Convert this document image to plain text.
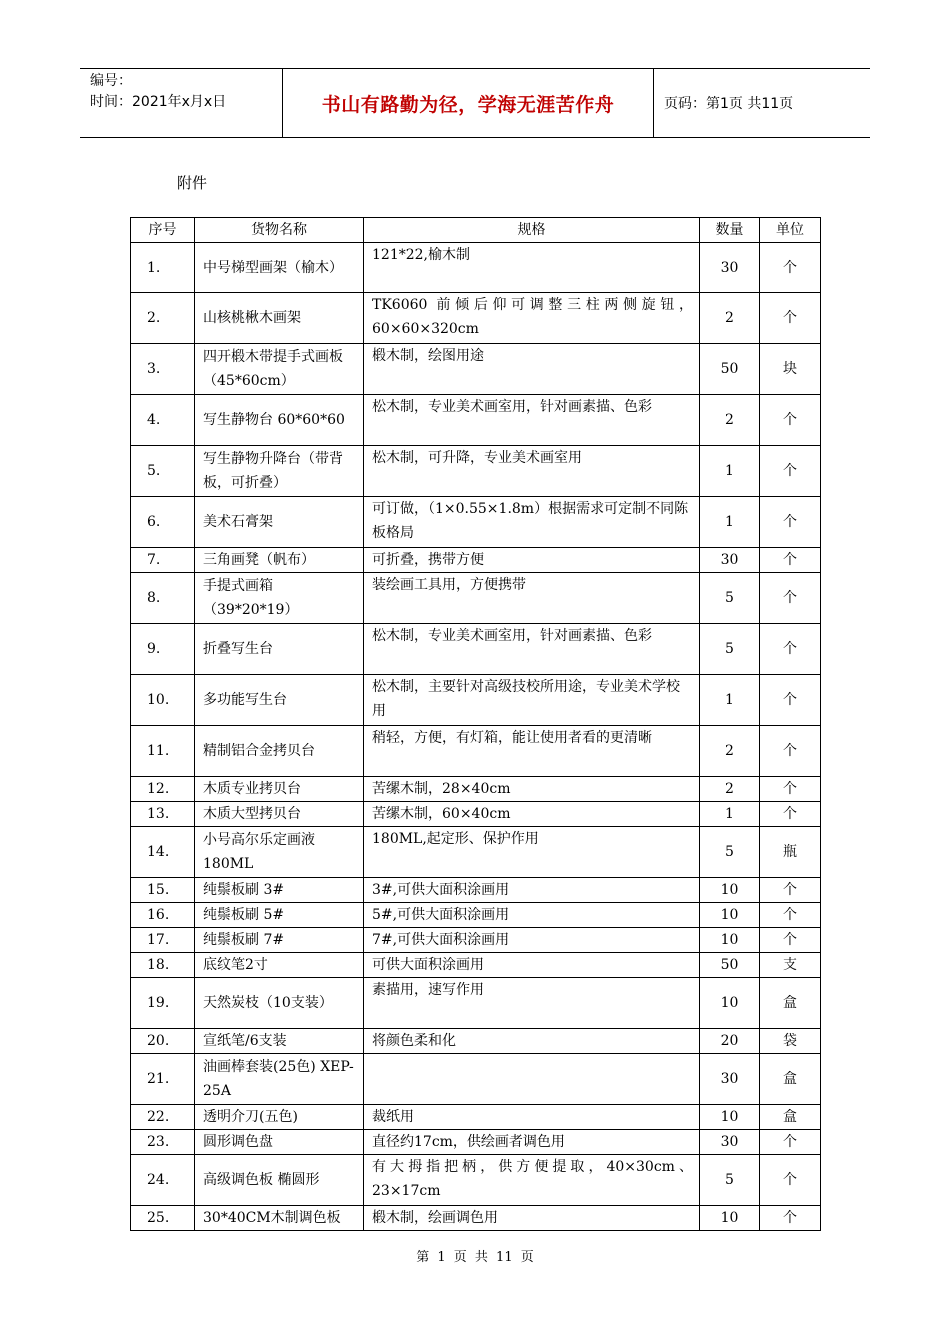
编号：
时间：2021年x月x日	书山有路勤为径，学海无涯苦作舟	页码：第1页 共11页
附件
序号	货物名称	规格	数量	单位
1.	中号梯型画架（榆木）	121*22,榆木制	30	个
2.	山核桃楸木画架	TK6060 前倾后仰可调整三柱两侧旋钮，60×60×320cm	2	个
3.	四开椴木带提手式画板（45*60cm）	椴木制，绘图用途	50	块
4.	写生静物台 60*60*60	松木制，专业美术画室用，针对画素描、色彩	2	个
5.	写生静物升降台（带背板，可折叠）	松木制，可升降，专业美术画室用	1	个
6.	美术石膏架	可订做，（1×0.55×1.8m）根据需求可定制不同陈板格局	1	个
7.	三角画凳（帆布）	可折叠，携带方便	30	个
8.	手提式画箱（39*20*19）	装绘画工具用，方便携带	5	个
9.	折叠写生台	松木制，专业美术画室用，针对画素描、色彩	5	个
10.	多功能写生台	松木制，主要针对高级技校所用途，专业美术学校用	1	个
11.	精制铝合金拷贝台	稍轻，方便，有灯箱，能让使用者看的更清晰	2	个
12.	木质专业拷贝台	苦缧木制，28×40cm	2	个
13.	木质大型拷贝台	苦缧木制，60×40cm	1	个
14.	小号高尔乐定画液 180ML	180ML,起定形、保护作用	5	瓶
15.	纯鬃板刷 3#	3#,可供大面积涂画用	10	个
16.	纯鬃板刷 5#	5#,可供大面积涂画用	10	个
17.	纯鬃板刷 7#	7#,可供大面积涂画用	10	个
18.	底纹笔2寸	可供大面积涂画用	50	支
19.	天然炭枝（10支装）	素描用，速写作用	10	盒
20.	宣纸笔/6支装	将颜色柔和化	20	袋
21.	油画棒套装(25色) XEP-25A		30	盒
22.	透明介刀(五色)	裁纸用	10	盒
23.	圆形调色盘	直径约17cm，供绘画者调色用	30	个
24.	高级调色板 椭圆形	有大拇指把柄，供方便提取，40×30cm、23×17cm	5	个
25.	30*40CM木制调色板	椴木制，绘画调色用	10	个
第 1 页 共 11 页
